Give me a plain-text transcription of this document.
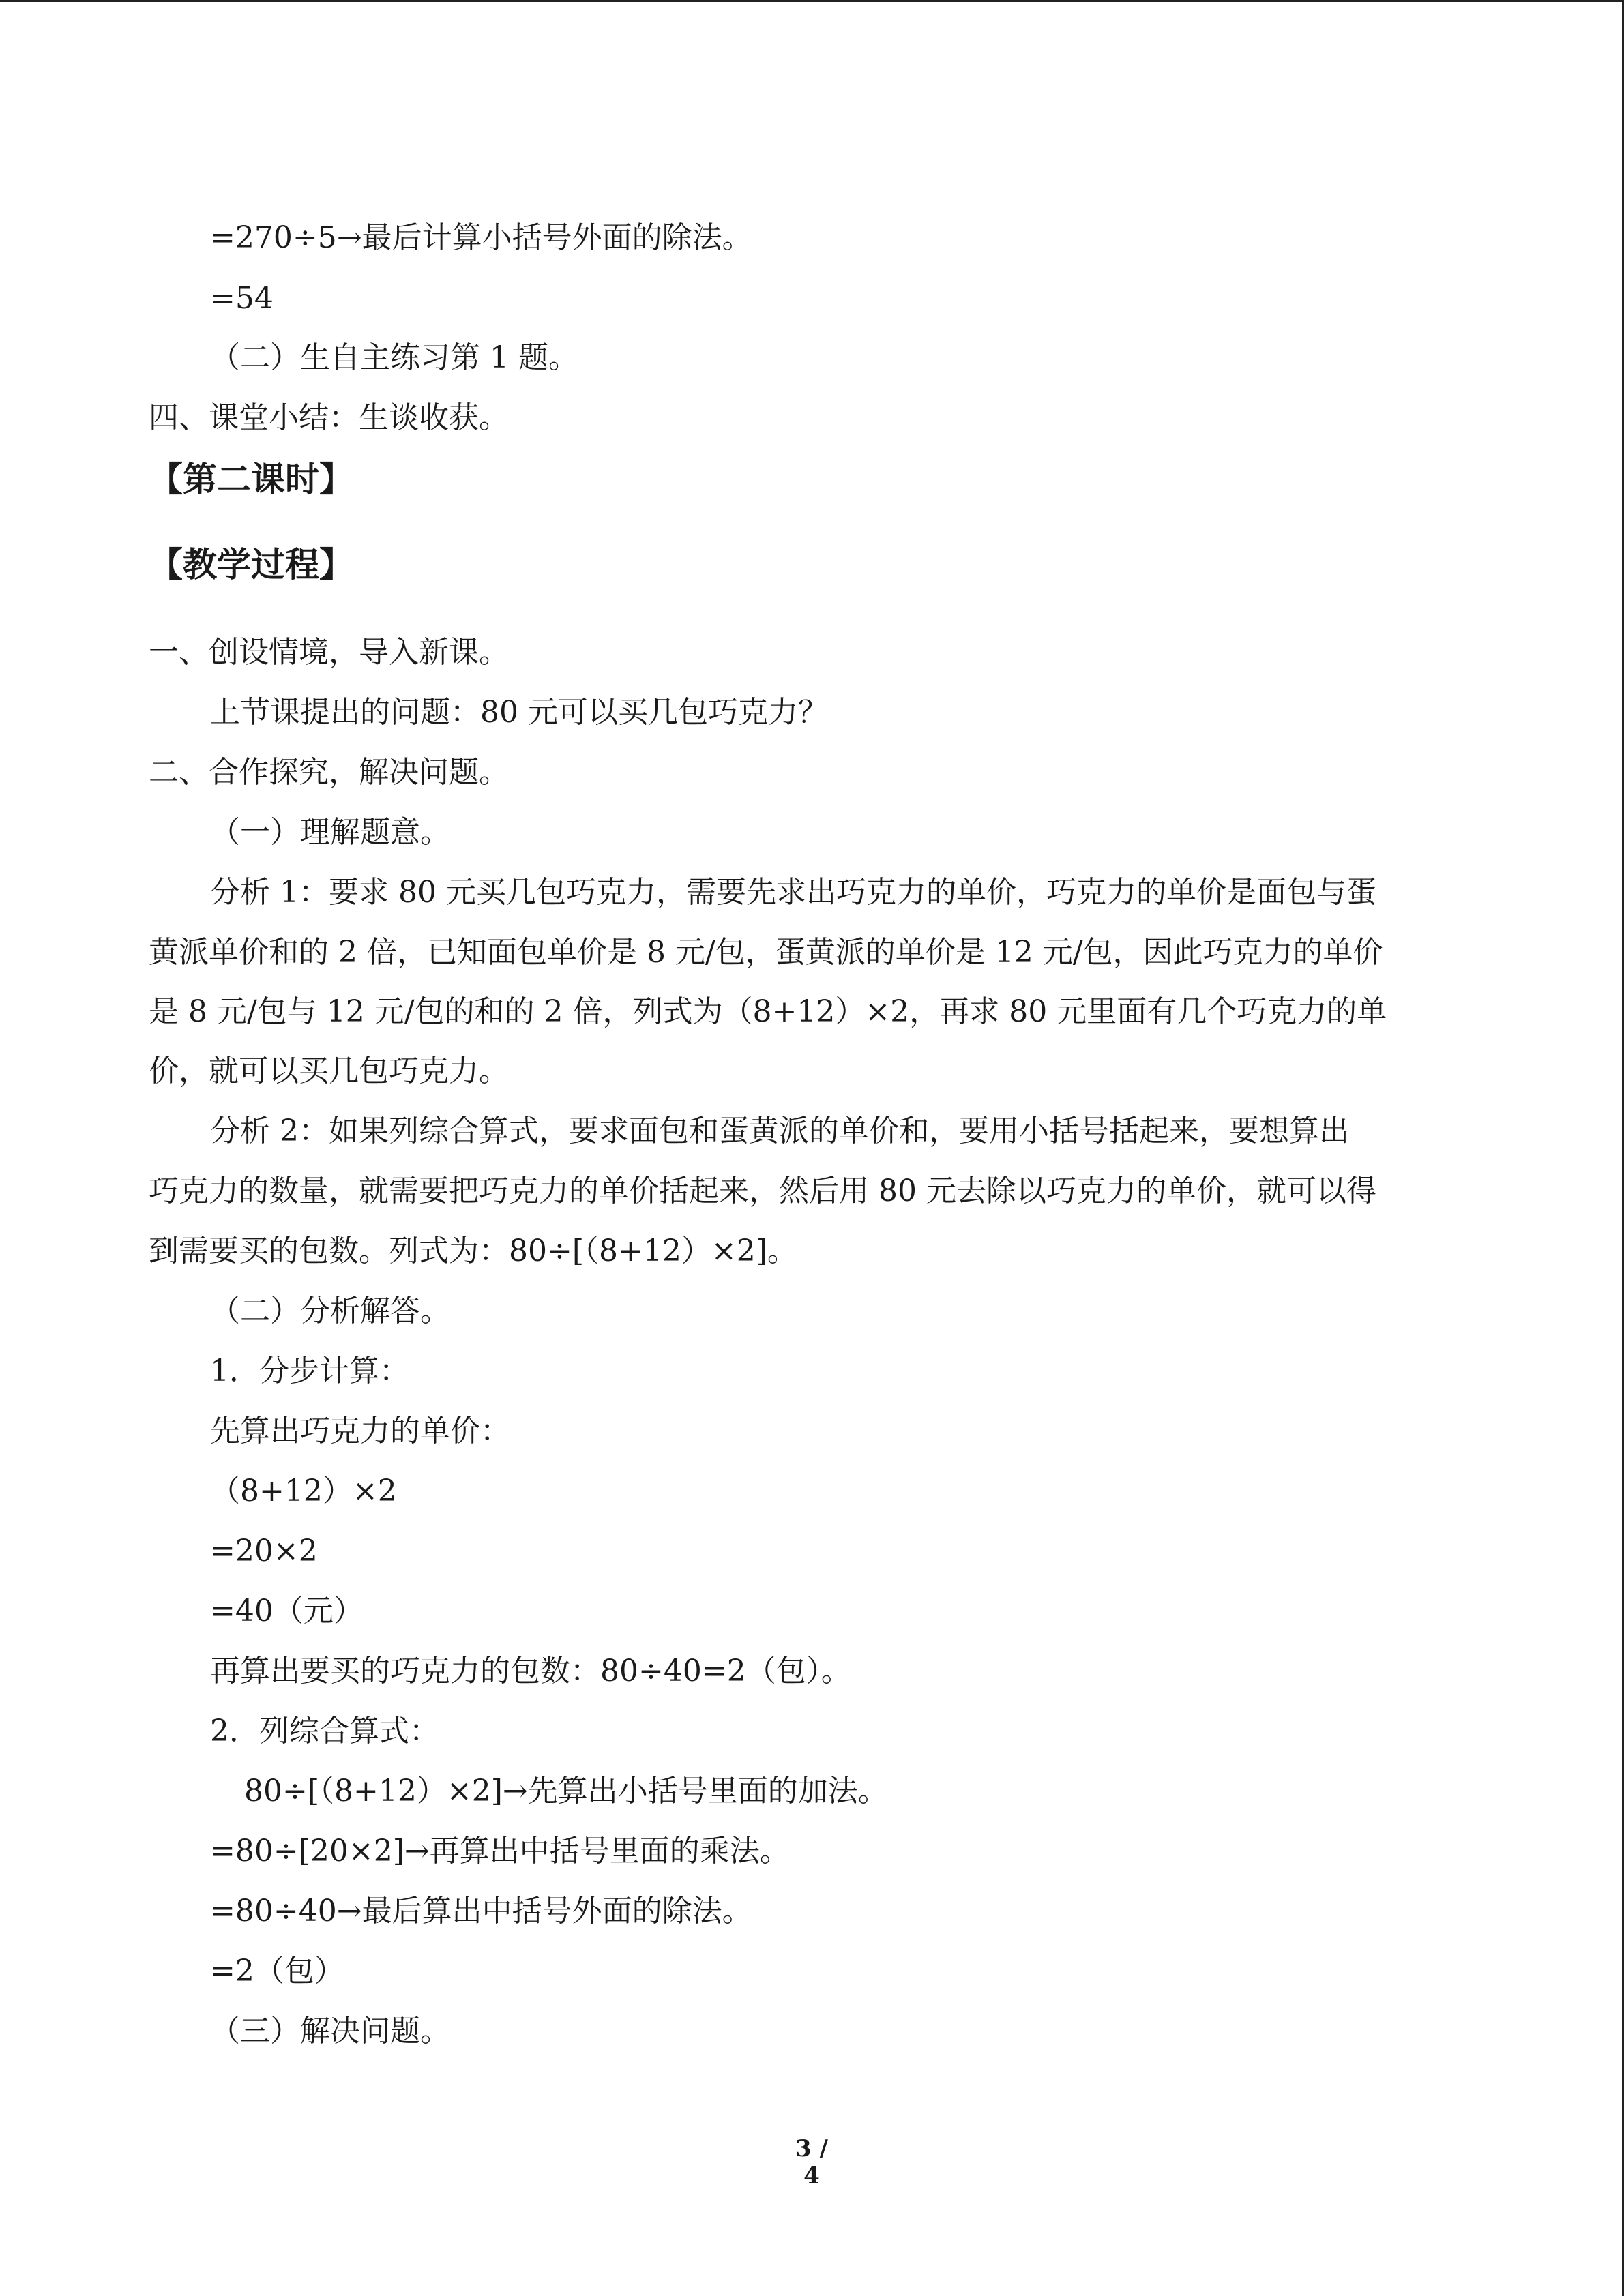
=270÷5→最后计算小括号外面的除法。
=54
（二）生自主练习第 1 题。
四、课堂小结：生谈收获。
【第二课时】
【教学过程】
一、创设情境，导入新课。
上节课提出的问题：80 元可以买几包巧克力？
二、合作探究，解决问题。
（一）理解题意。
分析 1：要求 80 元买几包巧克力，需要先求出巧克力的单价，巧克力的单价是面包与蛋
黄派单价和的 2 倍，已知面包单价是 8 元/包，蛋黄派的单价是 12 元/包，因此巧克力的单价
是 8 元/包与 12 元/包的和的 2 倍，列式为（8+12）×2，再求 80 元里面有几个巧克力的单
价，就可以买几包巧克力。
分析 2：如果列综合算式，要求面包和蛋黄派的单价和，要用小括号括起来，要想算出
巧克力的数量，就需要把巧克力的单价括起来，然后用 80 元去除以巧克力的单价，就可以得
到需要买的包数。列式为：80÷[（8+12）×2]。
（二）分析解答。
1．分步计算：
先算出巧克力的单价：
（8+12）×2
=20×2
=40（元）
再算出要买的巧克力的包数：80÷40=2（包）。
2．列综合算式：
80÷[（8+12）×2]→先算出小括号里面的加法。
=80÷[20×2]→再算出中括号里面的乘法。
=80÷40→最后算出中括号外面的除法。
=2（包）
（三）解决问题。
3 / 4
